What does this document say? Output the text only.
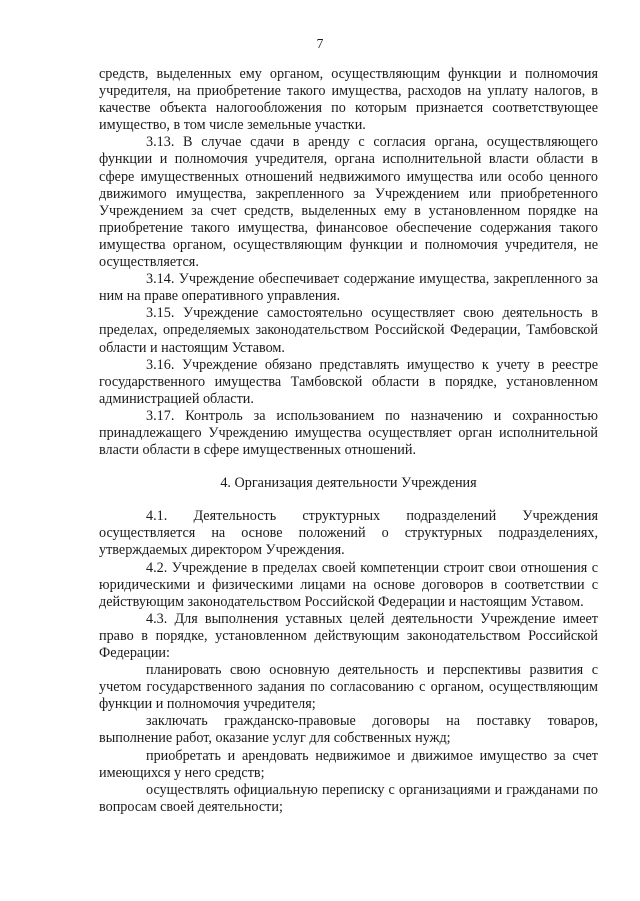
7

средств, выделенных ему органом, осуществляющим функции и полномочия учредителя, на приобретение такого имущества, расходов на уплату налогов, в качестве объекта налогообложения по которым признается соответствующее имущество, в том числе земельные участки.

3.13. В случае сдачи в аренду с согласия органа, осуществляющего функции и полномочия учредителя, органа исполнительной власти области в сфере имущественных отношений недвижимого имущества или особо ценного движимого имущества, закрепленного за Учреждением или приобретенного Учреждением за счет средств, выделенных ему в установленном порядке на приобретение такого имущества, финансовое обеспечение содержания такого имущества органом, осуществляющим функции и полномочия учредителя, не осуществляется.

3.14. Учреждение обеспечивает содержание имущества, закрепленного за ним на праве оперативного управления.

3.15. Учреждение самостоятельно осуществляет свою деятельность в пределах, определяемых законодательством Российской Федерации, Тамбовской области и настоящим Уставом.

3.16. Учреждение обязано представлять имущество к учету в реестре государственного имущества Тамбовской области в порядке, установленном администрацией области.

3.17. Контроль за использованием по назначению и сохранностью принадлежащего Учреждению имущества осуществляет орган исполнительной власти области в сфере имущественных отношений.

4. Организация деятельности Учреждения

4.1. Деятельность структурных подразделений Учреждения осуществляется на основе положений о структурных подразделениях, утверждаемых директором Учреждения.

4.2. Учреждение в пределах своей компетенции строит свои отношения с юридическими и физическими лицами на основе договоров в соответствии с действующим законодательством Российской Федерации и настоящим Уставом.

4.3. Для выполнения уставных целей деятельности Учреждение имеет право в порядке, установленном действующим законодательством Российской Федерации:

планировать свою основную деятельность и перспективы развития с учетом государственного задания по согласованию с органом, осуществляющим функции и полномочия учредителя;

заключать гражданско-правовые договоры на поставку товаров, выполнение работ, оказание услуг для собственных нужд;

приобретать и арендовать недвижимое и движимое имущество за счет имеющихся у него средств;

осуществлять официальную переписку с организациями и гражданами по вопросам своей деятельности;
